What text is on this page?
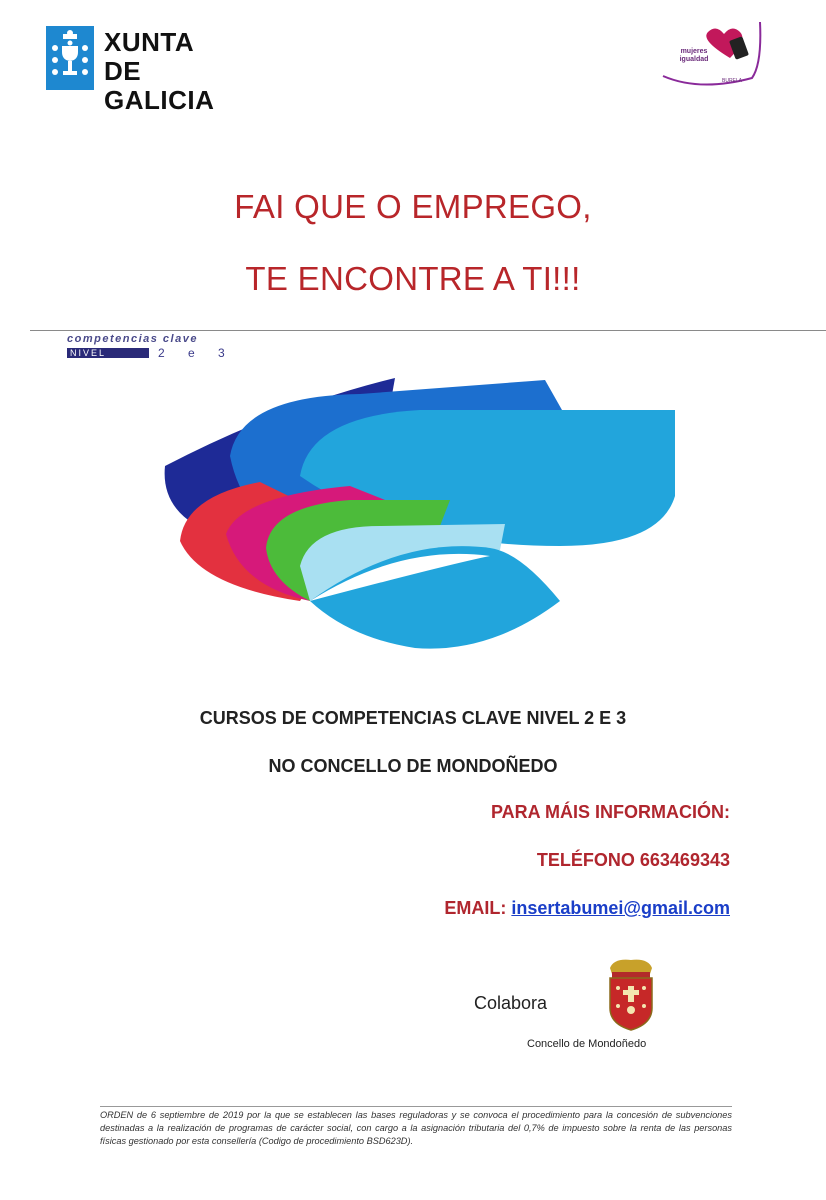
XUNTA
DE GALICIA
mujeres
igualdad
BURELA
FAI QUE O EMPREGO,
TE ENCONTRE A TI!!!
competencias clave
NIVEL	2 e 3
CURSOS DE COMPETENCIAS CLAVE NIVEL 2 E 3
NO CONCELLO DE MONDOÑEDO
PARA MÁIS INFORMACIÓN:
TELÉFONO 663469343
EMAIL: insertabumei@gmail.com
Colabora
Concello de Mondoñedo
ORDEN de 6 septiembre de 2019 por la que se establecen las bases reguladoras y se convoca el procedimiento para la concesión de subvenciones destinadas a la realización de programas de carácter social, con cargo a la asignación tributaria del 0,7% de impuesto sobre la renta de las personas físicas gestionado por esta consellería (Codigo de procedimiento BSD623D).
